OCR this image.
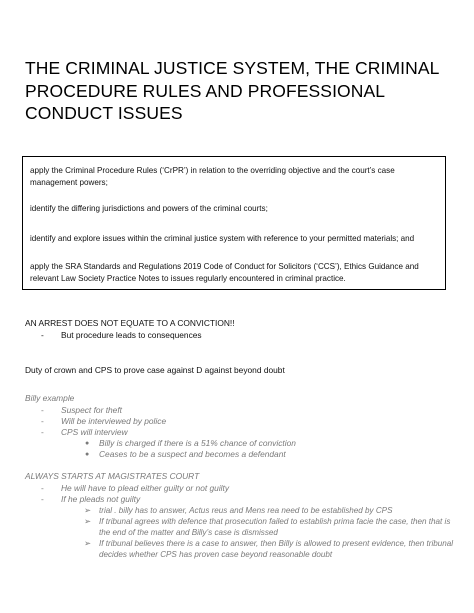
THE CRIMINAL JUSTICE SYSTEM, THE CRIMINAL
PROCEDURE RULES AND PROFESSIONAL
CONDUCT ISSUES
apply the Criminal Procedure Rules (‘CrPR’) in relation to the overriding objective and the court’s case
management powers;
identify the differing jurisdictions and powers of the criminal courts;
identify and explore issues within the criminal justice system with reference to your permitted materials; and
apply the SRA Standards and Regulations 2019 Code of Conduct for Solicitors (‘CCS’), Ethics Guidance and
relevant Law Society Practice Notes to issues regularly encountered in criminal practice.
AN ARREST DOES NOT EQUATE TO A CONVICTION!!
- But procedure leads to consequences
Duty of crown and CPS to prove case against D against beyond doubt
Billy example
- Suspect for theft
- Will be interviewed by police
- CPS will interview
● Billy is charged if there is a 51% chance of conviction
● Ceases to be a suspect and becomes a defendant
ALWAYS STARTS AT MAGISTRATES COURT
- He will have to plead either guilty or not guilty
- If he pleads not guilty
➢ trial . billy has to answer, Actus reus and Mens rea need to be established by CPS
➢ If tribunal agrees with defence that prosecution failed to establish prima facie the case, then that is
the end of the matter and Billy’s case is dismissed
➢ If tribunal believes there is a case to answer, then Billy is allowed to present evidence, then tribunal
decides whether CPS has proven case beyond reasonable doubt
